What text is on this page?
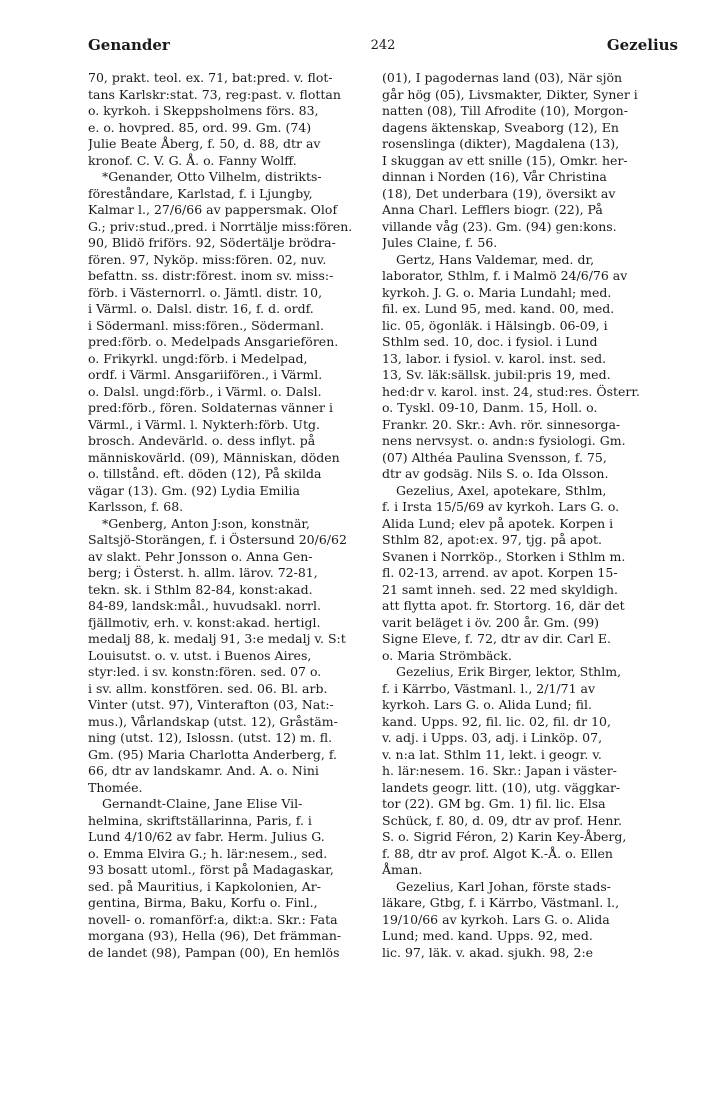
Genander	242	Gezelius
70, prakt. teol. ex. 71, bat:pred. v. flot-
tans Karlskr:stat. 73, reg:past. v. flottan
o. kyrkoh. i Skeppsholmens förs. 83,
e. o. hovpred. 85, ord. 99. Gm. (74)
Julie Beate Åberg, f. 50, d. 88, dtr av
kronof. C. V. G. Å. o. Fanny Wolff.
*Genander, Otto Vilhelm, distrikts-
föreståndare, Karlstad, f. i Ljungby,
Kalmar l., 27/6/66 av pappersmak. Olof
G.; priv:stud.,pred. i Norrtälje miss:fören.
90, Blidö friförs. 92, Södertälje brödra-
fören. 97, Nyköp. miss:fören. 02, nuv.
befattn. ss. distr:förest. inom sv. miss:-
förb. i Västernorrl. o. Jämtl. distr. 10,
i Värml. o. Dalsl. distr. 16, f. d. ordf.
i Södermanl. miss:fören., Södermanl.
pred:förb. o. Medelpads Ansgariefören.
o. Frikyrkl. ungd:förb. i Medelpad,
ordf. i Värml. Ansgariifören., i Värml.
o. Dalsl. ungd:förb., i Värml. o. Dalsl.
pred:förb., fören. Soldaternas vänner i
Värml., i Värml. l. Nykterh:förb. Utg.
brosch. Andevärld. o. dess inflyt. på
människovärld. (09), Människan, döden
o. tillstånd. eft. döden (12), På skilda
vägar (13). Gm. (92) Lydia Emilia
Karlsson, f. 68.
*Genberg, Anton J:son, konstnär,
Saltsjö-Storängen, f. i Östersund 20/6/62
av slakt. Pehr Jonsson o. Anna Gen-
berg; i Österst. h. allm. lärov. 72-81,
tekn. sk. i Sthlm 82-84, konst:akad.
84-89, landsk:mål., huvudsakl. norrl.
fjällmotiv, erh. v. konst:akad. hertigl.
medalj 88, k. medalj 91, 3:e medalj v. S:t
Louisutst. o. v. utst. i Buenos Aires,
styr:led. i sv. konstn:fören. sed. 07 o.
i sv. allm. konstfören. sed. 06. Bl. arb.
Vinter (utst. 97), Vinterafton (03, Nat:-
mus.), Vårlandskap (utst. 12), Gråstäm-
ning (utst. 12), Islossn. (utst. 12) m. fl.
Gm. (95) Maria Charlotta Anderberg, f.
66, dtr av landskamr. And. A. o. Nini
Thomée.
Gernandt-Claine, Jane Elise Vil-
helmina, skriftställarinna, Paris, f. i
Lund 4/10/62 av fabr. Herm. Julius G.
o. Emma Elvira G.; h. lär:nesem., sed.
93 bosatt utoml., först på Madagaskar,
sed. på Mauritius, i Kapkolonien, Ar-
gentina, Birma, Baku, Korfu o. Finl.,
novell- o. romanförf:a, dikt:a. Skr.: Fata
morgana (93), Hella (96), Det främman-
de landet (98), Pampan (00), En hemlös
(01), I pagodernas land (03), När sjön
går hög (05), Livsmakter, Dikter, Syner i
natten (08), Till Afrodite (10), Morgon-
dagens äktenskap, Sveaborg (12), En
rosenslinga (dikter), Magdalena (13),
I skuggan av ett snille (15), Omkr. her-
dinnan i Norden (16), Vår Christina
(18), Det underbara (19), översikt av
Anna Charl. Lefflers biogr. (22), På
villande våg (23). Gm. (94) gen:kons.
Jules Claine, f. 56.
Gertz, Hans Valdemar, med. dr,
laborator, Sthlm, f. i Malmö 24/6/76 av
kyrkoh. J. G. o. Maria Lundahl; med.
fil. ex. Lund 95, med. kand. 00, med.
lic. 05, ögonläk. i Hälsingb. 06-09, i
Sthlm sed. 10, doc. i fysiol. i Lund
13, labor. i fysiol. v. karol. inst. sed.
13, Sv. läk:sällsk. jubil:pris 19, med.
hed:dr v. karol. inst. 24, stud:res. Österr.
o. Tyskl. 09-10, Danm. 15, Holl. o.
Frankr. 20. Skr.: Avh. rör. sinnesorga-
nens nervsyst. o. andn:s fysiologi. Gm.
(07) Althéa Paulina Svensson, f. 75,
dtr av godsäg. Nils S. o. Ida Olsson.
Gezelius, Axel, apotekare, Sthlm,
f. i Irsta 15/5/69 av kyrkoh. Lars G. o.
Alida Lund; elev på apotek. Korpen i
Sthlm 82, apot:ex. 97, tjg. på apot.
Svanen i Norrköp., Storken i Sthlm m.
fl. 02-13, arrend. av apot. Korpen 15-
21 samt inneh. sed. 22 med skyldigh.
att flytta apot. fr. Stortorg. 16, där det
varit beläget i öv. 200 år. Gm. (99)
Signe Eleve, f. 72, dtr av dir. Carl E.
o. Maria Strömbäck.
Gezelius, Erik Birger, lektor, Sthlm,
f. i Kärrbo, Västmanl. l., 2/1/71 av
kyrkoh. Lars G. o. Alida Lund; fil.
kand. Upps. 92, fil. lic. 02, fil. dr 10,
v. adj. i Upps. 03, adj. i Linköp. 07,
v. n:a lat. Sthlm 11, lekt. i geogr. v.
h. lär:nesem. 16. Skr.: Japan i väster-
landets geogr. litt. (10), utg. väggkar-
tor (22). GM bg. Gm. 1) fil. lic. Elsa
Schück, f. 80, d. 09, dtr av prof. Henr.
S. o. Sigrid Féron, 2) Karin Key-Åberg,
f. 88, dtr av prof. Algot K.-Å. o. Ellen
Åman.
Gezelius, Karl Johan, förste stads-
läkare, Gtbg, f. i Kärrbo, Västmanl. l.,
19/10/66 av kyrkoh. Lars G. o. Alida
Lund; med. kand. Upps. 92, med.
lic. 97, läk. v. akad. sjukh. 98, 2:e
